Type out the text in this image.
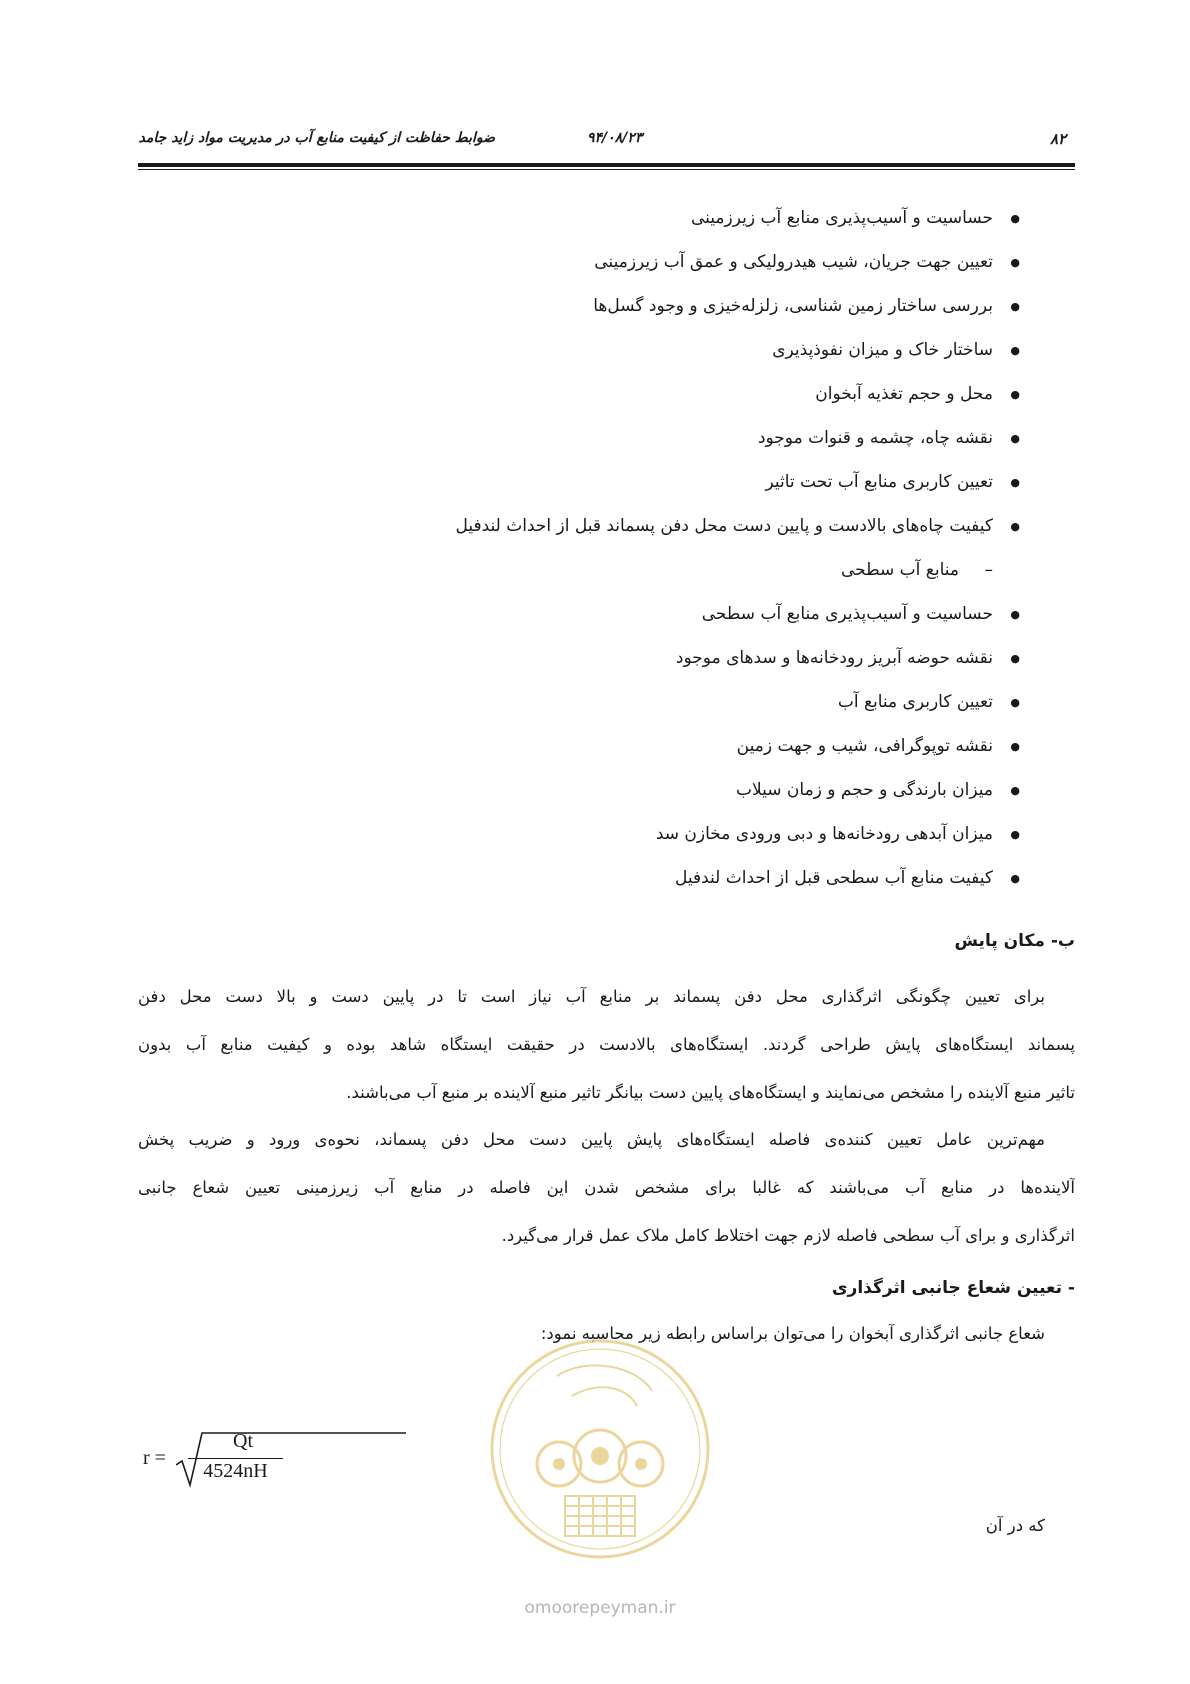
ضوابط حفاظت از کیفیت منابع آب در مدیریت مواد زاید جامد	۹۴/۰۸/۲۳	۸۲
● حساسیت و آسیب‌پذیری منابع آب زیرزمینی
● تعیین جهت جریان، شیب هیدرولیکی و عمق آب زیرزمینی
● بررسی ساختار زمین شناسی، زلزله‌خیزی و وجود گسل‌ها
● ساختار خاک و میزان نفوذپذیری
● محل و حجم تغذیه آبخوان
● نقشه چاه، چشمه و قنوات موجود
● تعیین کاربری منابع آب تحت تاثیر
● کیفیت چاه‌های بالادست و پایین دست محل دفن پسماند قبل از احداث لندفیل
– منابع آب سطحی
● حساسیت و آسیب‌پذیری منابع آب سطحی
● نقشه حوضه آبریز رودخانه‌ها و سدهای موجود
● تعیین کاربری منابع آب
● نقشه توپوگرافی، شیب و جهت زمین
● میزان بارندگی و حجم و زمان سیلاب
● میزان آبدهی رودخانه‌ها و دبی ورودی مخازن سد
● کیفیت منابع آب سطحی قبل از احداث لندفیل
ب- مکان پایش
برای تعیین چگونگی اثرگذاری محل دفن پسماند بر منابع آب نیاز است تا در پایین دست و بالا دست محل دفن
پسماند ایستگاه‌های پایش طراحی گردند. ایستگاه‌های بالادست در حقیقت ایستگاه شاهد بوده و کیفیت منابع آب بدون
تاثیر منبع آلاینده را مشخص می‌نمایند و ایستگاه‌های پایین دست بیانگر تاثیر منبع آلاینده بر منبع آب می‌باشند.
مهم‌ترین عامل تعیین کننده‌ی فاصله ایستگاه‌های پایش پایین دست محل دفن پسماند، نحوه‌ی ورود و ضریب پخش
آلاینده‌ها در منابع آب می‌باشند که غالبا برای مشخص شدن این فاصله در منابع آب زیرزمینی تعیین شعاع جانبی
اثرگذاری و برای آب سطحی فاصله لازم جهت اختلاط کامل ملاک عمل قرار می‌گیرد.
- تعیین شعاع جانبی اثرگذاری
شعاع جانبی اثرگذاری آبخوان را می‌توان براساس رابطه زیر محاسبه نمود:
r =
Qt
4524nH
که در آن
omoorepeyman.ir
